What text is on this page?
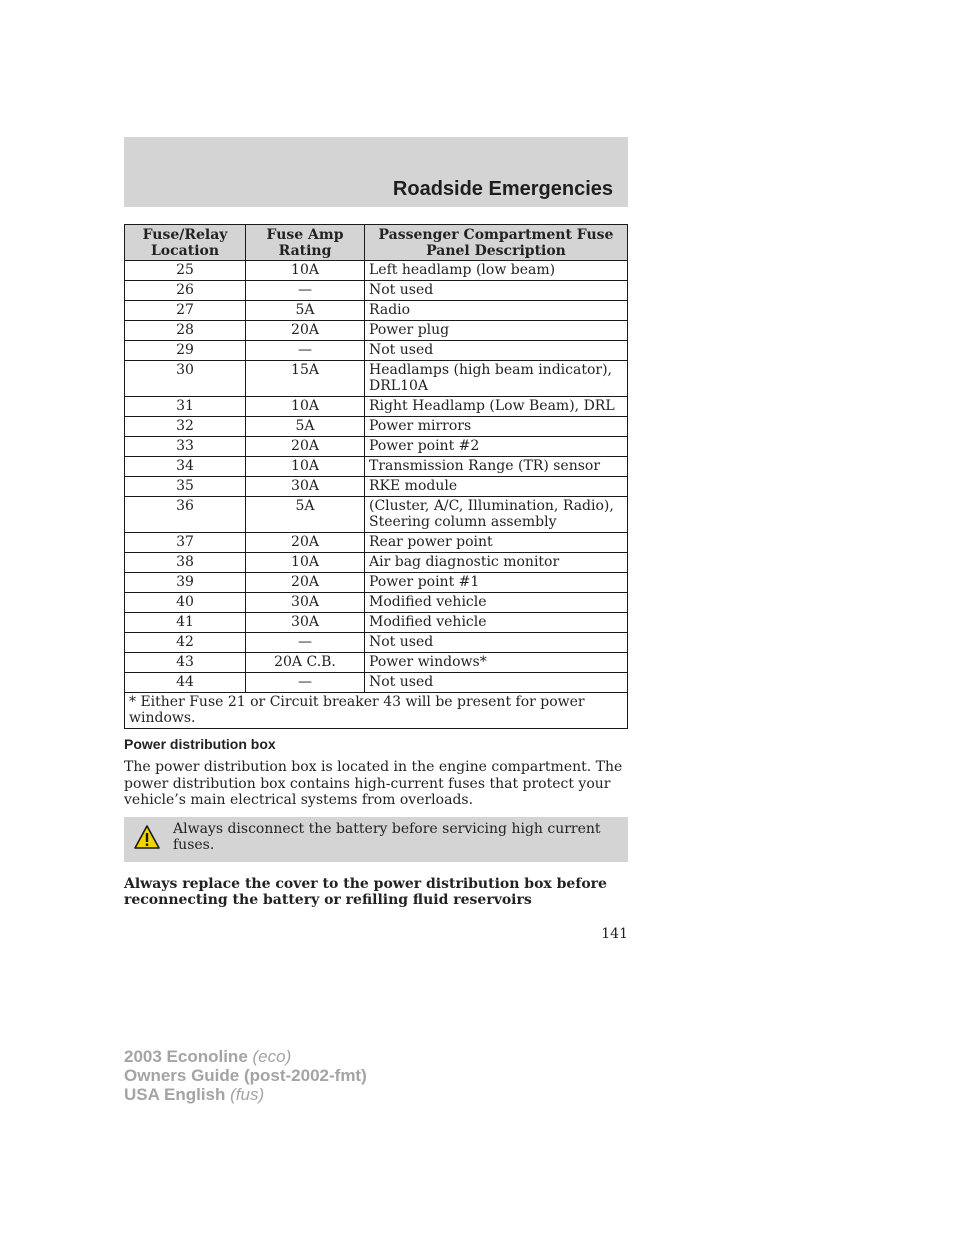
Roadside Emergencies
Fuse/Relay Location	Fuse Amp Rating	Passenger Compartment Fuse Panel Description
25	10A	Left headlamp (low beam)
26	—	Not used
27	5A	Radio
28	20A	Power plug
29	—	Not used
30	15A	Headlamps (high beam indicator), DRL10A
31	10A	Right Headlamp (Low Beam), DRL
32	5A	Power mirrors
33	20A	Power point #2
34	10A	Transmission Range (TR) sensor
35	30A	RKE module
36	5A	(Cluster, A/C, Illumination, Radio), Steering column assembly
37	20A	Rear power point
38	10A	Air bag diagnostic monitor
39	20A	Power point #1
40	30A	Modified vehicle
41	30A	Modified vehicle
42	—	Not used
43	20A C.B.	Power windows*
44	—	Not used
* Either Fuse 21 or Circuit breaker 43 will be present for power windows.		
Power distribution box

The power distribution box is located in the engine compartment. The power distribution box contains high-current fuses that protect your vehicle’s main electrical systems from overloads.

Always disconnect the battery before servicing high current fuses.

Always replace the cover to the power distribution box before reconnecting the battery or refilling fluid reservoirs

141
2003 Econoline (eco)
Owners Guide (post-2002-fmt)
USA English (fus)
